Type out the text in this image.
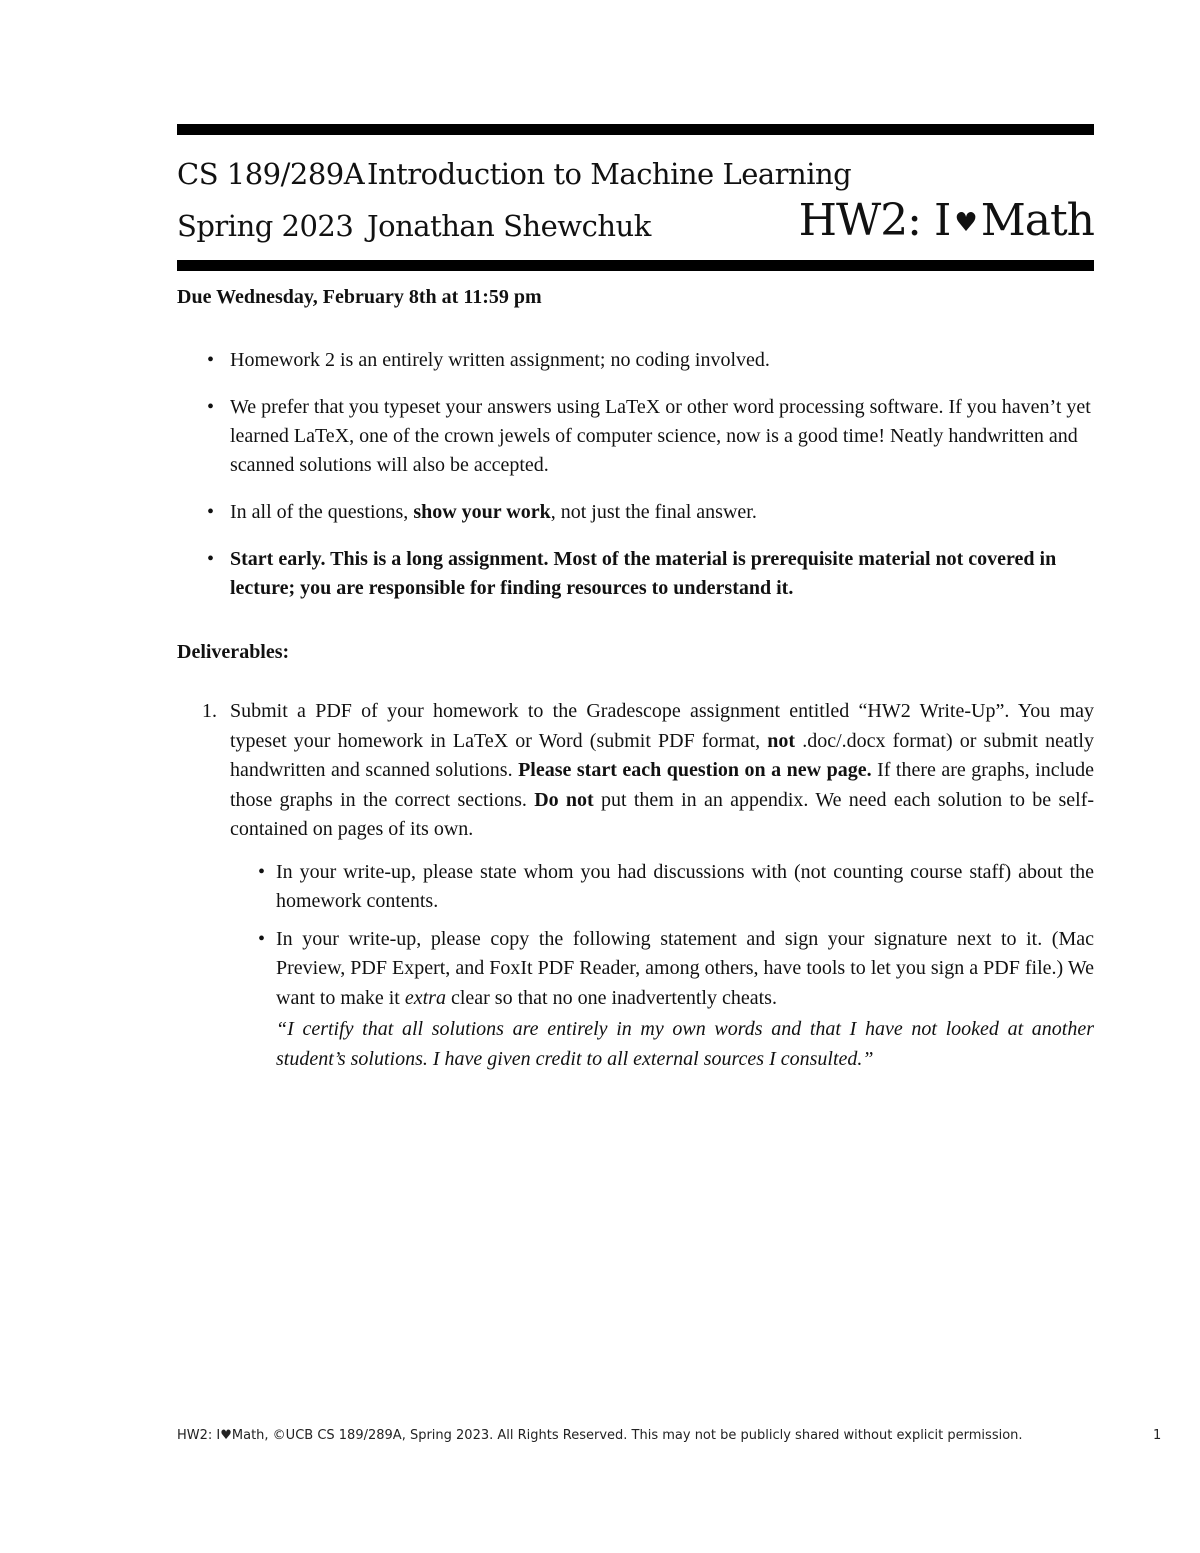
CS 189/289A Introduction to Machine Learning
Spring 2023 Jonathan Shewchuk	HW2: I ♥Math
Due Wednesday, February 8th at 11:59 pm
• Homework 2 is an entirely written assignment; no coding involved.
• We prefer that you typeset your answers using LaTeX or other word processing software. If you haven’t yet learned LaTeX, one of the crown jewels of computer science, now is a good time! Neatly handwritten and scanned solutions will also be accepted.
• In all of the questions, show your work, not just the final answer.
• Start early. This is a long assignment. Most of the material is prerequisite material not covered in lecture; you are responsible for finding resources to understand it.
Deliverables:
1. Submit a PDF of your homework to the Gradescope assignment entitled “HW2 Write-Up”. You may typeset your homework in LaTeX or Word (submit PDF format, not .doc/.docx format) or submit neatly handwritten and scanned solutions. Please start each question on a new page. If there are graphs, include those graphs in the correct sections. Do not put them in an appendix. We need each solution to be self-contained on pages of its own.
• In your write-up, please state whom you had discussions with (not counting course staff) about the homework contents.
• In your write-up, please copy the following statement and sign your signature next to it. (Mac Preview, PDF Expert, and FoxIt PDF Reader, among others, have tools to let you sign a PDF file.) We want to make it extra clear so that no one inadvertently cheats.
“I certify that all solutions are entirely in my own words and that I have not looked at another student’s solutions. I have given credit to all external sources I consulted.”
HW2: I♥Math, ©UCB CS 189/289A, Spring 2023. All Rights Reserved. This may not be publicly shared without explicit permission.	1
